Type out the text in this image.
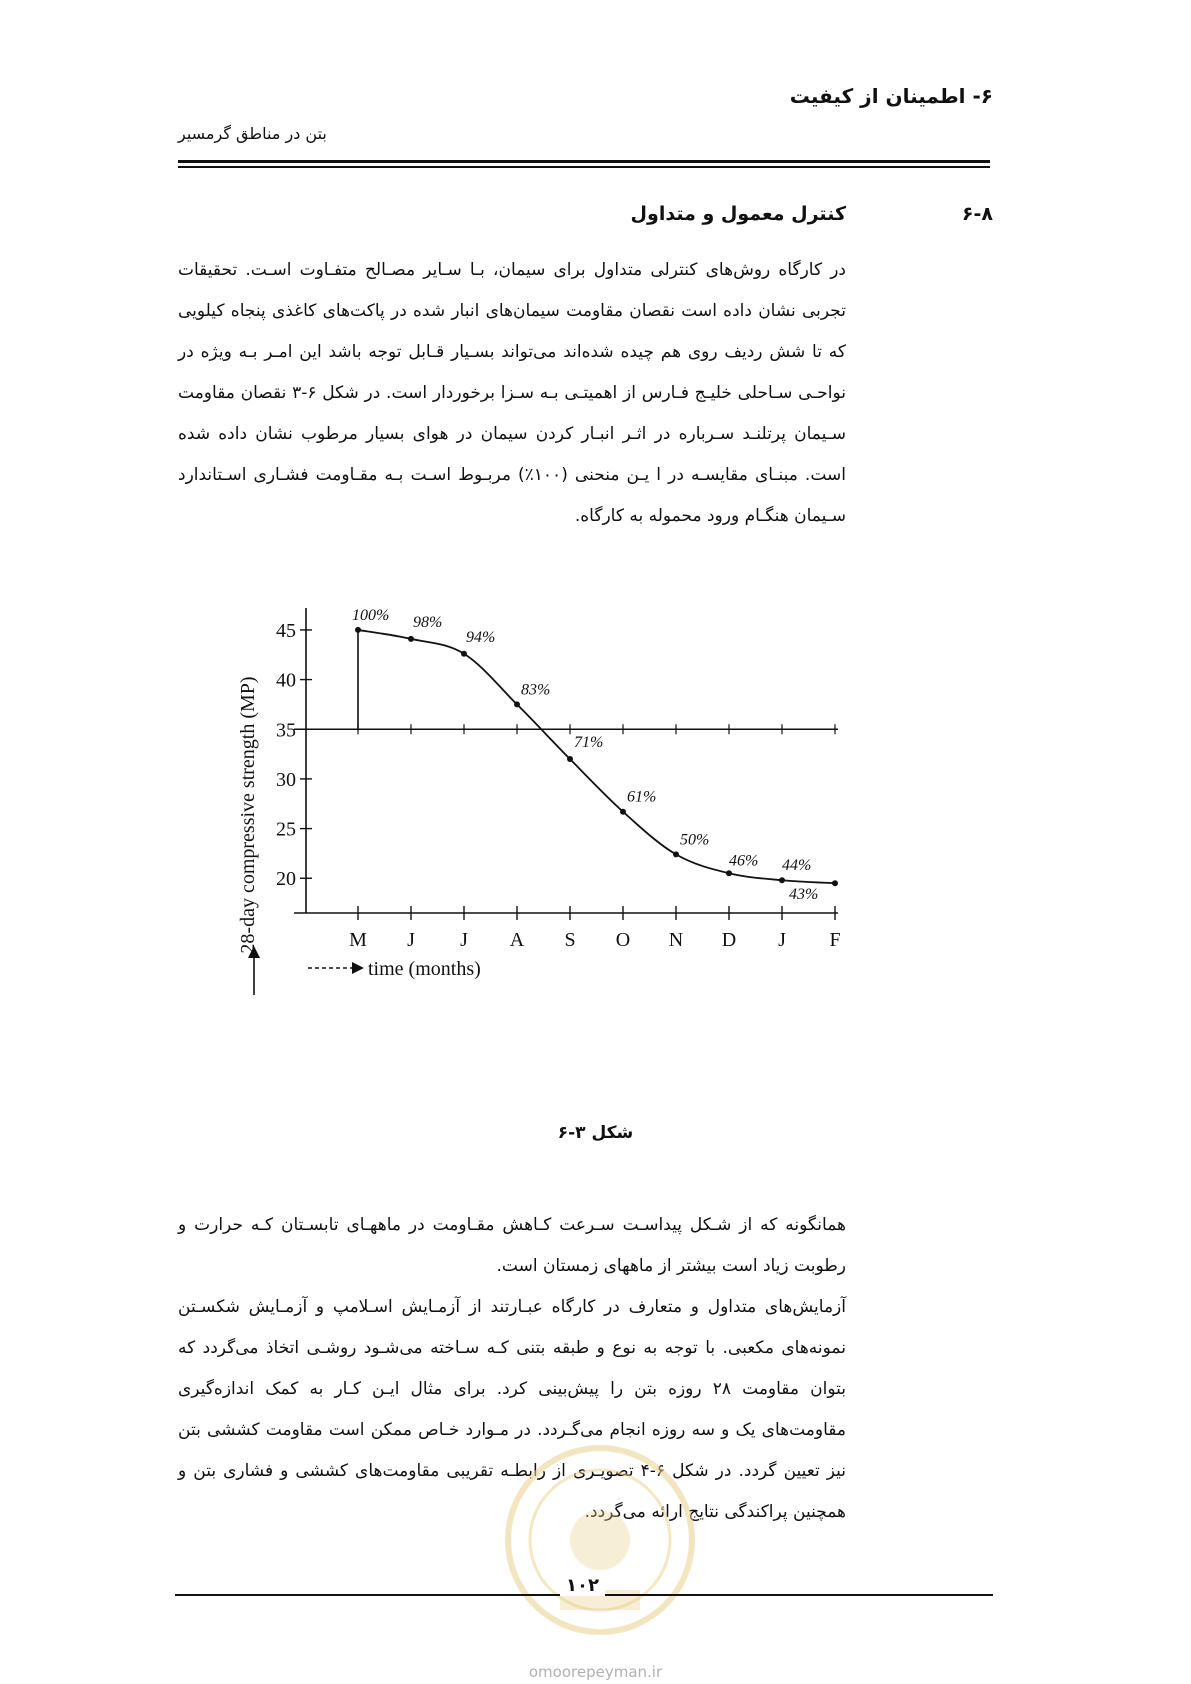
۶- اطمینان از کیفیت
بتن در مناطق گرمسیر
۶-۸
کنترل معمول و متداول
در کارگاه روش‌های کنترلی متداول برای سیمان، بـا سـایر مصـالح متفـاوت اسـت. تحقیقات تجربی نشان داده است نقصان مقاومت سیمان‌های انبار شده در پاکت‌های کاغذی پنجاه کیلویی که تا شش ردیف روی هم چیده شده‌اند می‌تواند بسـیار قـابل توجه باشد این امـر بـه ویژه در نواحـی سـاحلی خلیـج فـارس از اهمیتـی بـه سـزا برخوردار است. در شکل ۶-۳ نقصان مقاومت سـیمان پرتلنـد سـرباره در اثـر انبـار کردن سیمان در هوای بسیار مرطوب نشان داده شده است. مبنـای مقایسـه در ا یـن منحنی (۱۰۰٪) مربـوط اسـت بـه مقـاومت فشـاری اسـتاندارد سـیمان هنگـام ورود محموله به کارگاه.
20
25
30
35
40
45
M J J A S O N D J F
100% 98%
94%
83%
71%
61%
50%
46% 44%
43%
28-day compressive strength (MP)
time (months)
شکل ۳-۶
همانگونه که از شـکل پیداسـت سـرعت کـاهش مقـاومت در ماههـای تابسـتان کـه حرارت و رطوبت زیاد است بیشتر از ماههای زمستان است.
آزمایش‌های متداول و متعارف در کارگاه عبـارتند از آزمـایش اسـلامپ و آزمـایش شکسـتن نمونه‌های مکعبی. با توجه به نوع و طبقه بتنی کـه سـاخته می‌شـود روشـی اتخاذ می‌گردد که بتوان مقاومت ۲۸ روزه بتن را پیش‌بینی کرد. برای مثال ایـن کـار به کمک اندازه‌گیری مقاومت‌های یک و سه روزه انجام می‌گـردد. در مـوارد خـاص ممکن است مقاومت کششی بتن نیز تعیین گردد. در شکل ۶-۴ تصویـری از رابطـه تقریبی مقاومت‌های کششی و فشاری بتن و همچنین پراکندگی نتایج ارائه می‌گردد.
۱۰۲
omoorepeyman.ir
